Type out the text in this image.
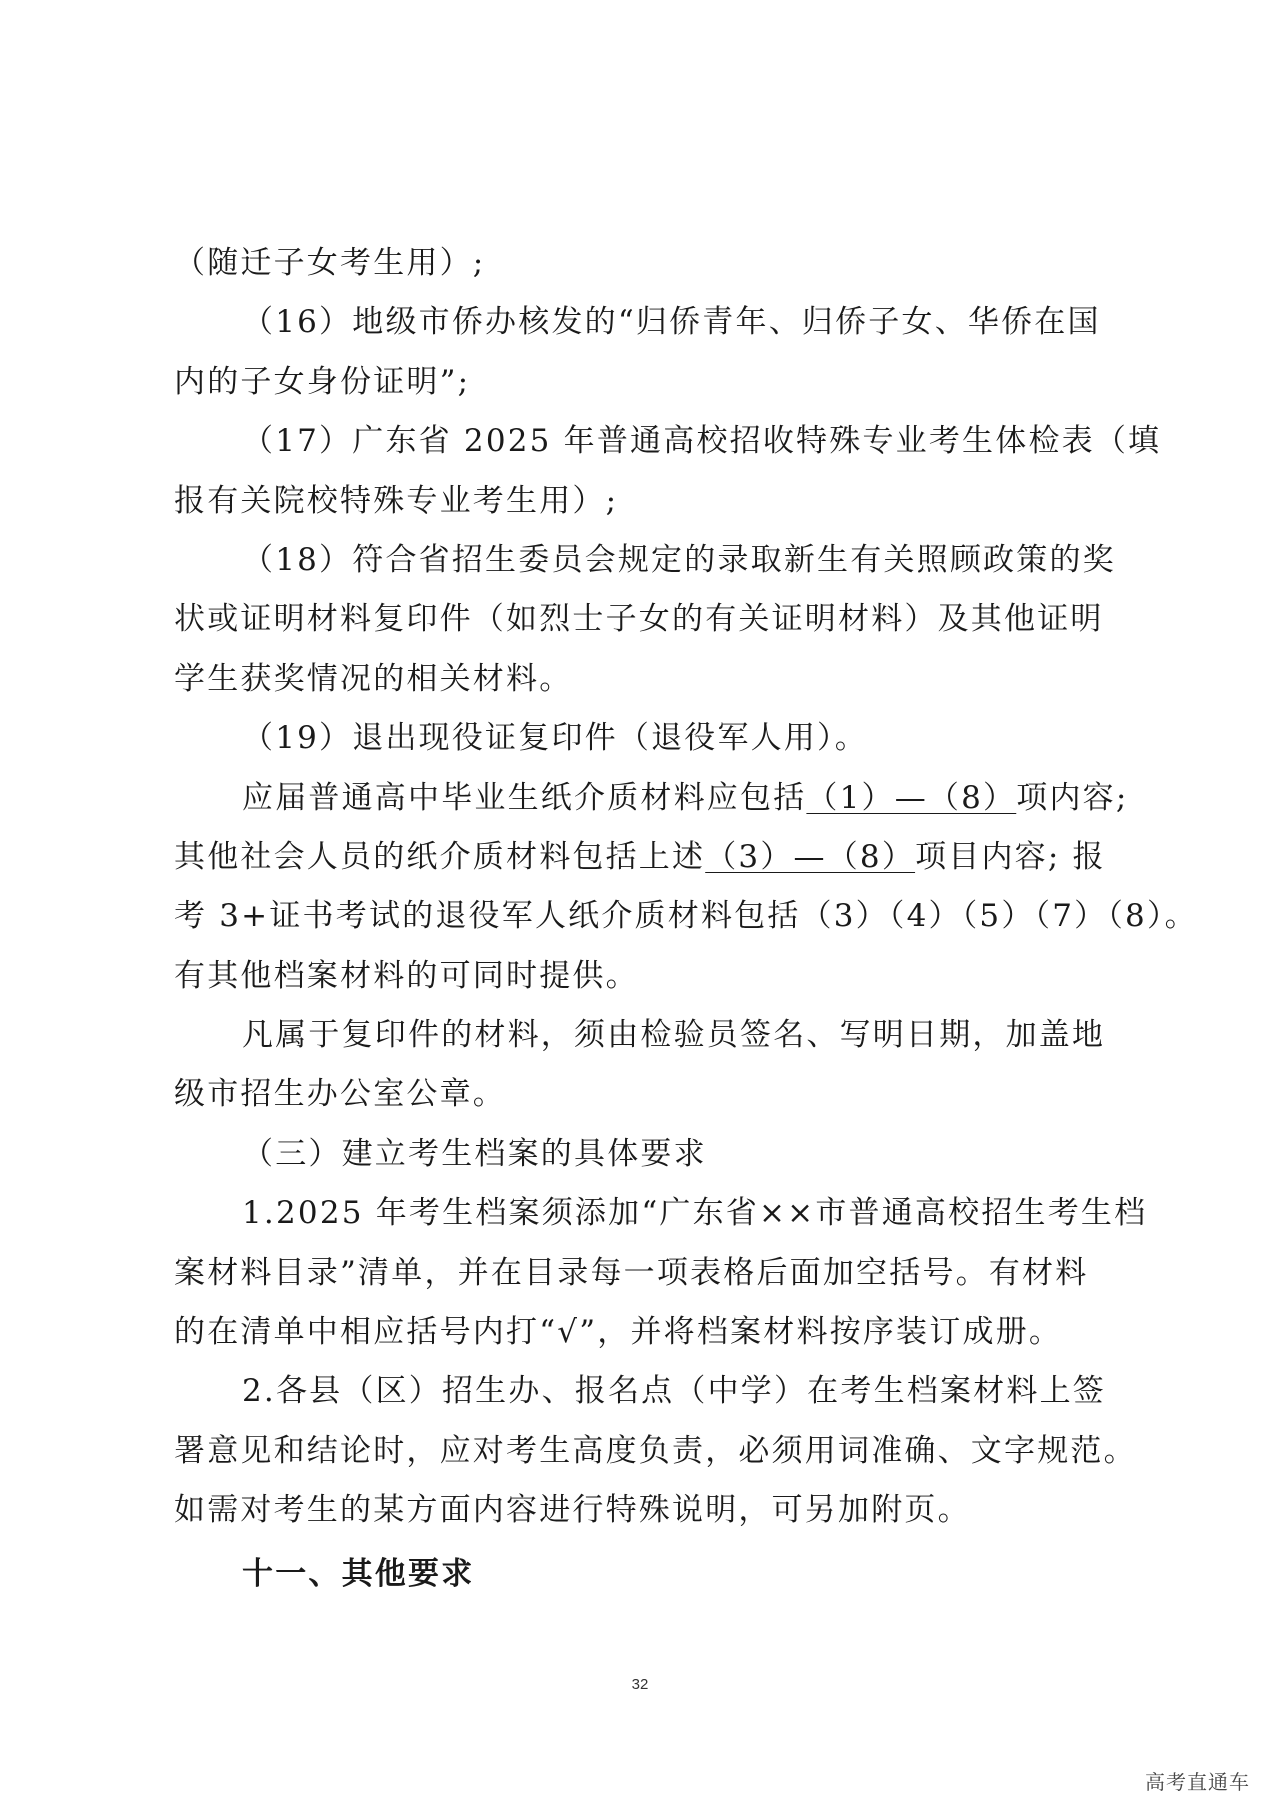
（随迁子女考生用）;
（16）地级市侨办核发的“归侨青年、归侨子女、华侨在国
内的子女身份证明”;
（17）广东省 2025 年普通高校招收特殊专业考生体检表（填
报有关院校特殊专业考生用）;
（18）符合省招生委员会规定的录取新生有关照顾政策的奖
状或证明材料复印件（如烈士子女的有关证明材料）及其他证明
学生获奖情况的相关材料。
（19）退出现役证复印件（退役军人用）。
应届普通高中毕业生纸介质材料应包括（1）—（8）项内容;
其他社会人员的纸介质材料包括上述（3）—（8）项目内容; 报
考 3+证书考试的退役军人纸介质材料包括（3）（4）（5）（7）（8）。
有其他档案材料的可同时提供。
凡属于复印件的材料，须由检验员签名、写明日期，加盖地
级市招生办公室公章。
（三）建立考生档案的具体要求
1.2025 年考生档案须添加“广东省××市普通高校招生考生档
案材料目录”清单，并在目录每一项表格后面加空括号。有材料
的在清单中相应括号内打“√”，并将档案材料按序装订成册。
2.各县（区）招生办、报名点（中学）在考生档案材料上签
署意见和结论时，应对考生高度负责，必须用词准确、文字规范。
如需对考生的某方面内容进行特殊说明，可另加附页。
十一、其他要求
32
高考直通车
